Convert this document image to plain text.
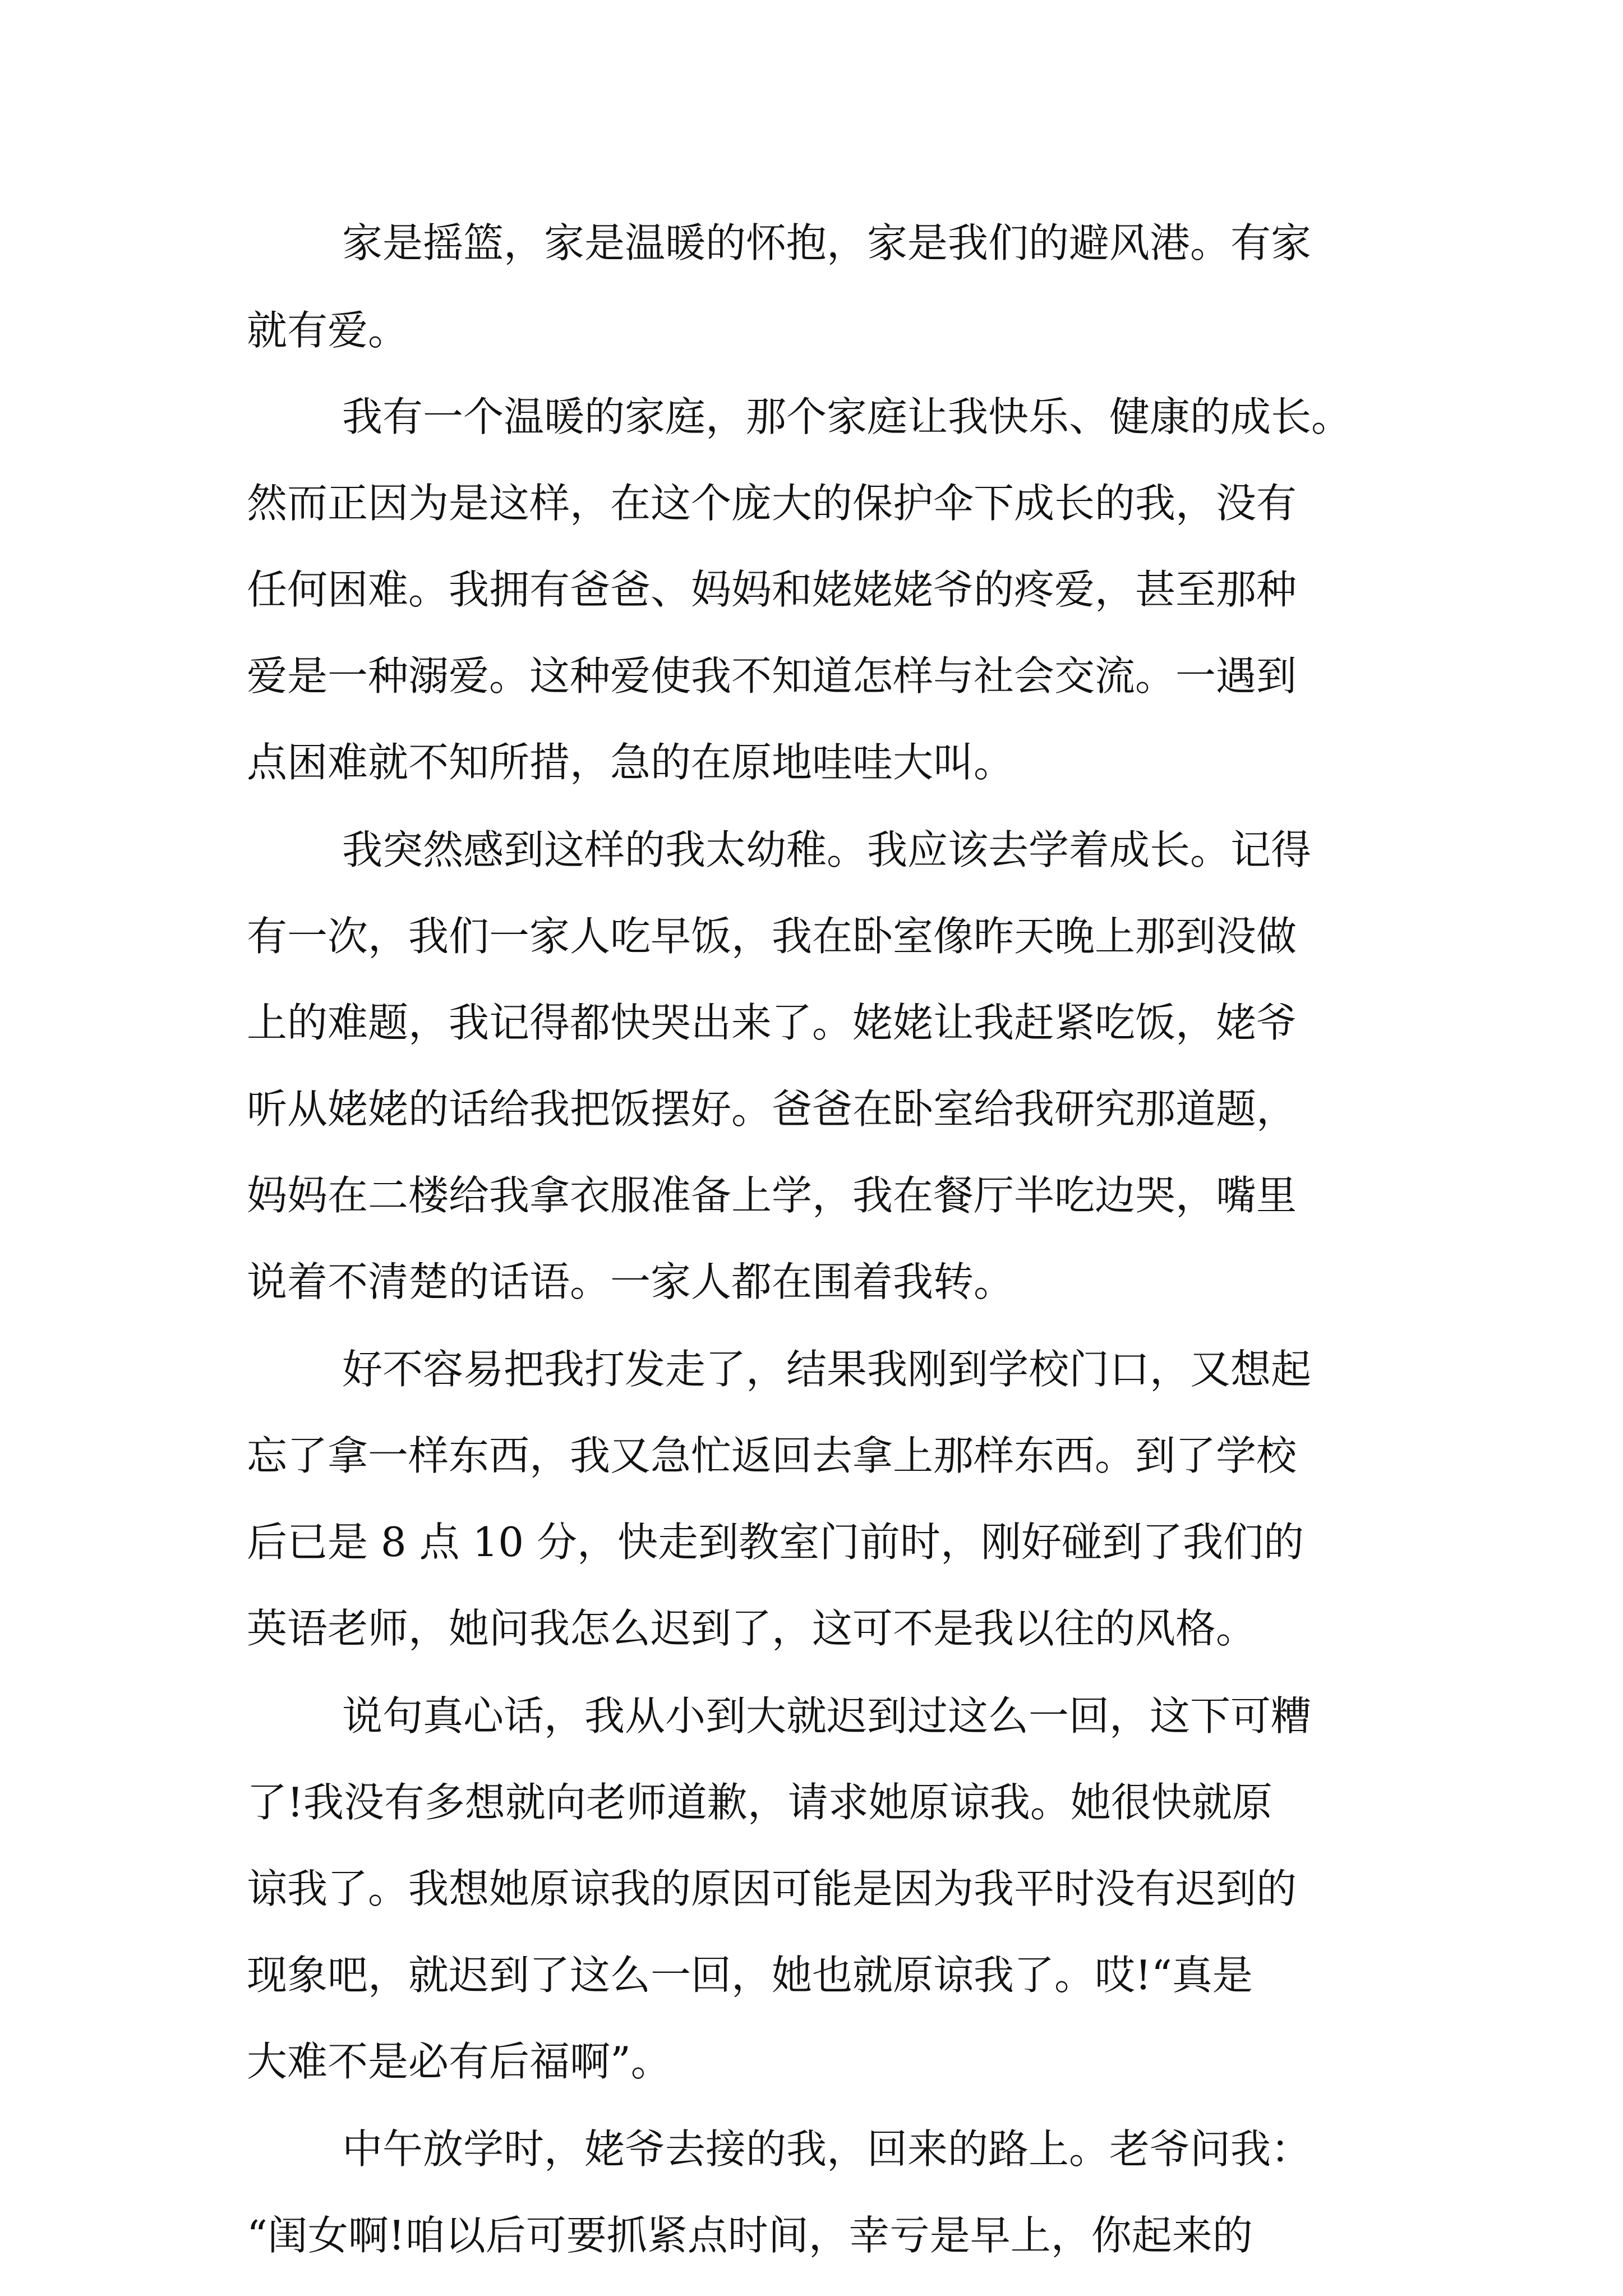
家是摇篮，家是温暖的怀抱，家是我们的避风港。有家
就有爱。
我有一个温暖的家庭，那个家庭让我快乐、健康的成长。
然而正因为是这样，在这个庞大的保护伞下成长的我，没有
任何困难。我拥有爸爸、妈妈和姥姥姥爷的疼爱，甚至那种
爱是一种溺爱。这种爱使我不知道怎样与社会交流。一遇到
点困难就不知所措，急的在原地哇哇大叫。
我突然感到这样的我太幼稚。我应该去学着成长。记得
有一次，我们一家人吃早饭，我在卧室像昨天晚上那到没做
上的难题，我记得都快哭出来了。姥姥让我赶紧吃饭，姥爷
听从姥姥的话给我把饭摆好。爸爸在卧室给我研究那道题，
妈妈在二楼给我拿衣服准备上学，我在餐厅半吃边哭，嘴里
说着不清楚的话语。一家人都在围着我转。
好不容易把我打发走了，结果我刚到学校门口，又想起
忘了拿一样东西，我又急忙返回去拿上那样东西。到了学校
后已是 8 点 10 分，快走到教室门前时，刚好碰到了我们的
英语老师，她问我怎么迟到了，这可不是我以往的风格。
说句真心话，我从小到大就迟到过这么一回，这下可糟
了!我没有多想就向老师道歉，请求她原谅我。她很快就原
谅我了。我想她原谅我的原因可能是因为我平时没有迟到的
现象吧，就迟到了这么一回，她也就原谅我了。哎!“真是
大难不是必有后福啊”。
中午放学时，姥爷去接的我，回来的路上。老爷问我：
“闺女啊!咱以后可要抓紧点时间，幸亏是早上，你起来的
